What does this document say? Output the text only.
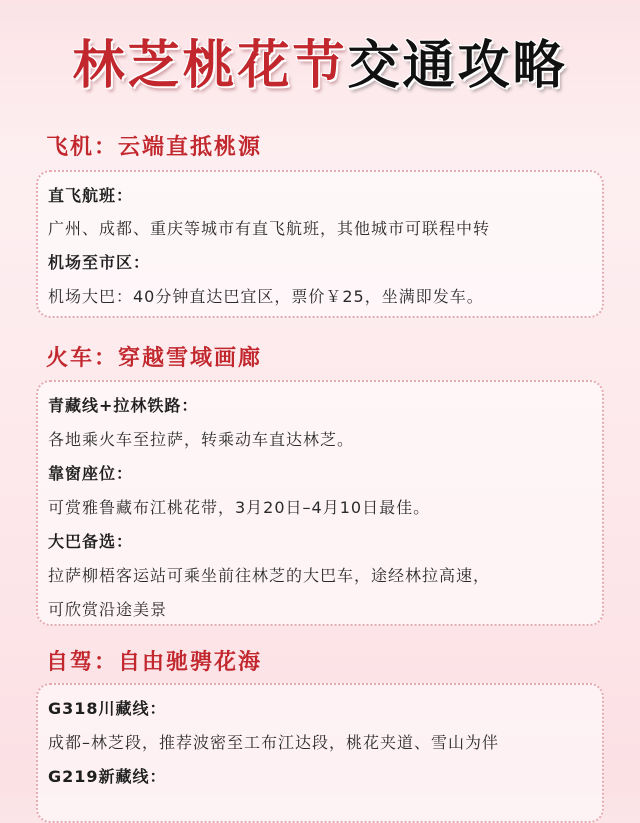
林芝桃花节交通攻略
飞机：云端直抵桃源
直飞航班：
广州、成都、重庆等城市有直飞航班，其他城市可联程中转
机场至市区：
机场大巴：40分钟直达巴宜区，票价￥25，坐满即发车。
火车：穿越雪域画廊
青藏线+拉林铁路：
各地乘火车至拉萨，转乘动车直达林芝。
靠窗座位：
可赏雅鲁藏布江桃花带，3月20日–4月10日最佳。
大巴备选：
拉萨柳梧客运站可乘坐前往林芝的大巴车，途经林拉高速，
可欣赏沿途美景
自驾：自由驰骋花海
G318川藏线：
成都–林芝段，推荐波密至工布江达段，桃花夹道、雪山为伴
G219新藏线：
